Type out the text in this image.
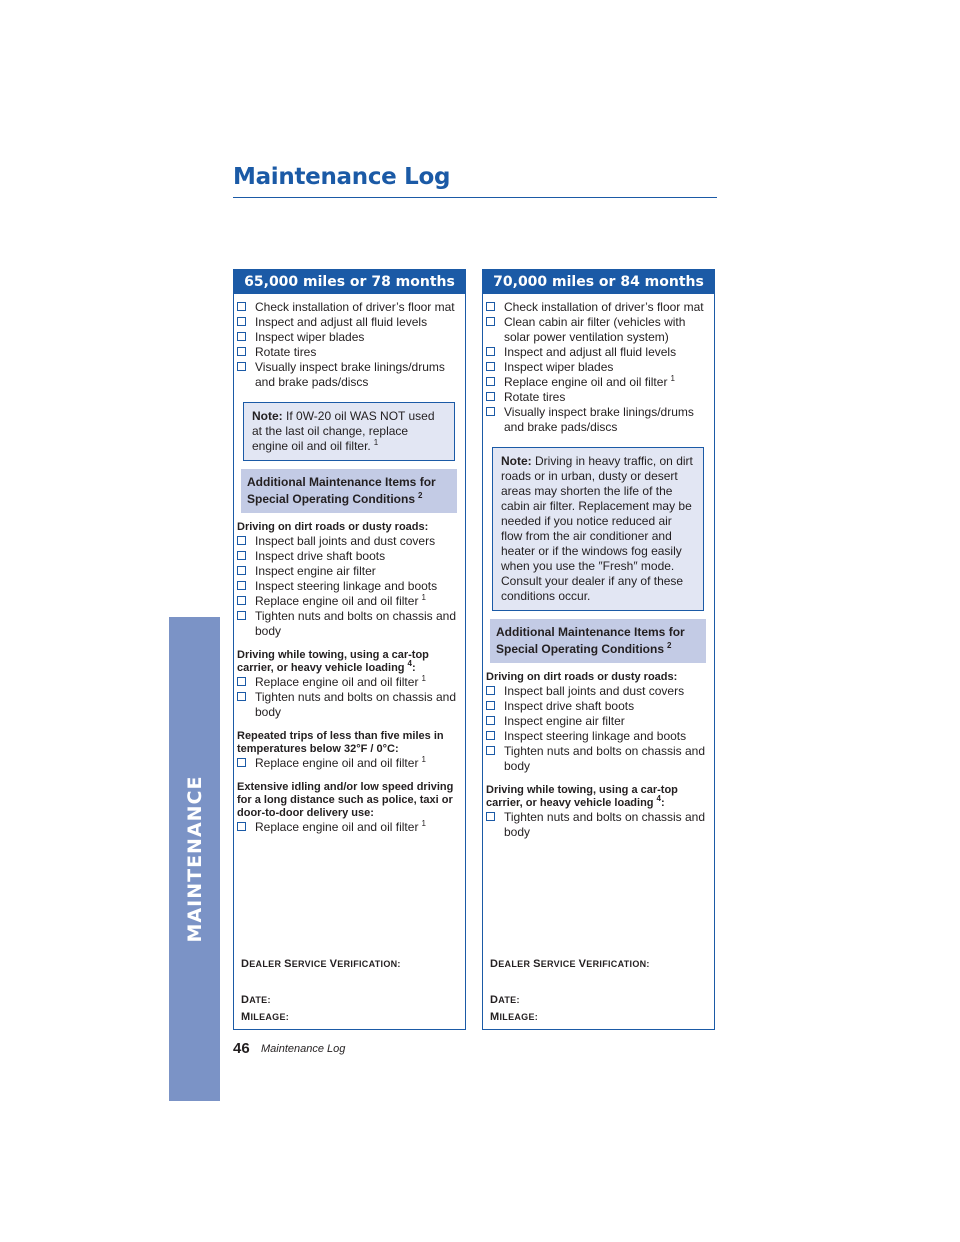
MAINTENANCE
Maintenance Log
65,000 miles or 78 months
Check installation of driver’s floor mat
Inspect and adjust all fluid levels
Inspect wiper blades
Rotate tires
Visually inspect brake linings/drums and brake pads/discs
Note: If 0W-20 oil WAS NOT used at the last oil change, replace engine oil and oil filter. $^1$
Additional Maintenance Items for Special Operating Conditions $^2$
Driving on dirt roads or dusty roads:
Inspect ball joints and dust covers
Inspect drive shaft boots
Inspect engine air filter
Inspect steering linkage and boots
Replace engine oil and oil filter $^1$
Tighten nuts and bolts on chassis and body
Driving while towing, using a car-top carrier, or heavy vehicle loading $^4$:
Replace engine oil and oil filter $^1$
Tighten nuts and bolts on chassis and body
Repeated trips of less than five miles in temperatures below 32°F / 0°C:
Replace engine oil and oil filter $^1$
Extensive idling and/or low speed driving for a long distance such as police, taxi or door-to-door delivery use:
Replace engine oil and oil filter $^1$
DEALER SERVICE VERIFICATION:
DATE:
MILEAGE:
70,000 miles or 84 months
Check installation of driver’s floor mat
Clean cabin air filter (vehicles with solar power ventilation system)
Inspect and adjust all fluid levels
Inspect wiper blades
Replace engine oil and oil filter $^1$
Rotate tires
Visually inspect brake linings/drums and brake pads/discs
Note: Driving in heavy traffic, on dirt roads or in urban, dusty or desert areas may shorten the life of the cabin air filter. Replacement may be needed if you notice reduced air flow from the air conditioner and heater or if the windows fog easily when you use the ″Fresh″ mode. Consult your dealer if any of these conditions occur.
Additional Maintenance Items for Special Operating Conditions $^2$
Driving on dirt roads or dusty roads:
Inspect ball joints and dust covers
Inspect drive shaft boots
Inspect engine air filter
Inspect steering linkage and boots
Tighten nuts and bolts on chassis and body
Driving while towing, using a car-top carrier, or heavy vehicle loading $^4$:
Tighten nuts and bolts on chassis and body
DEALER SERVICE VERIFICATION:
DATE:
MILEAGE:
46 Maintenance Log
